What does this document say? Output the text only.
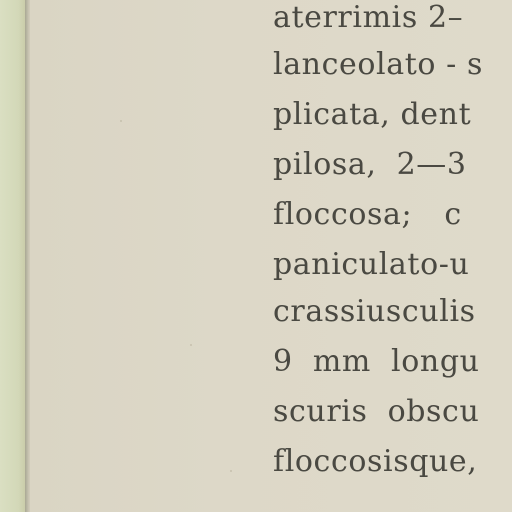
aterrimis 2–
lanceolato - s
plicata, dent
pilosa, 2—3
floccosa; c
paniculato-u
crassiusculis
9 mm longu
scuris obscu
floccosisque,
